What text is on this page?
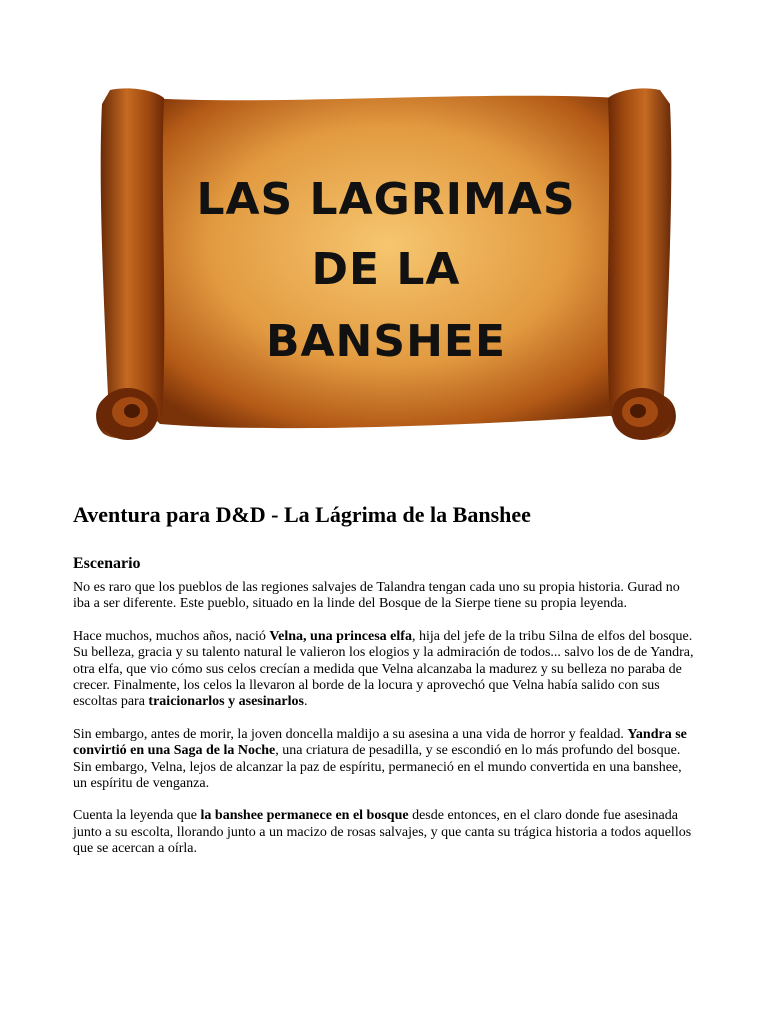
LAS LAGRIMAS
DE LA
BANSHEE
Aventura para D&D - La Lágrima de la Banshee
Escenario

No es raro que los pueblos de las regiones salvajes de Talandra tengan cada uno su propia historia. Gurad no iba a ser diferente. Este pueblo, situado en la linde del Bosque de la Sierpe tiene su propia leyenda.

Hace muchos, muchos años, nació Velna, una princesa elfa, hija del jefe de la tribu Silna de elfos del bosque. Su belleza, gracia y su talento natural le valieron los elogios y la admiración de todos... salvo los de de Yandra, otra elfa, que vio cómo sus celos crecían a medida que Velna alcanzaba la madurez y su belleza no paraba de crecer. Finalmente, los celos la llevaron al borde de la locura y aprovechó que Velna había salido con sus escoltas para traicionarlos y asesinarlos.

Sin embargo, antes de morir, la joven doncella maldijo a su asesina a una vida de horror y fealdad. Yandra se convirtió en una Saga de la Noche, una criatura de pesadilla, y se escondió en lo más profundo del bosque. Sin embargo, Velna, lejos de alcanzar la paz de espíritu, permaneció en el mundo convertida en una banshee, un espíritu de venganza.

Cuenta la leyenda que la banshee permanece en el bosque desde entonces, en el claro donde fue asesinada junto a su escolta, llorando junto a un macizo de rosas salvajes, y que canta su trágica historia a todos aquellos que se acercan a oírla.
